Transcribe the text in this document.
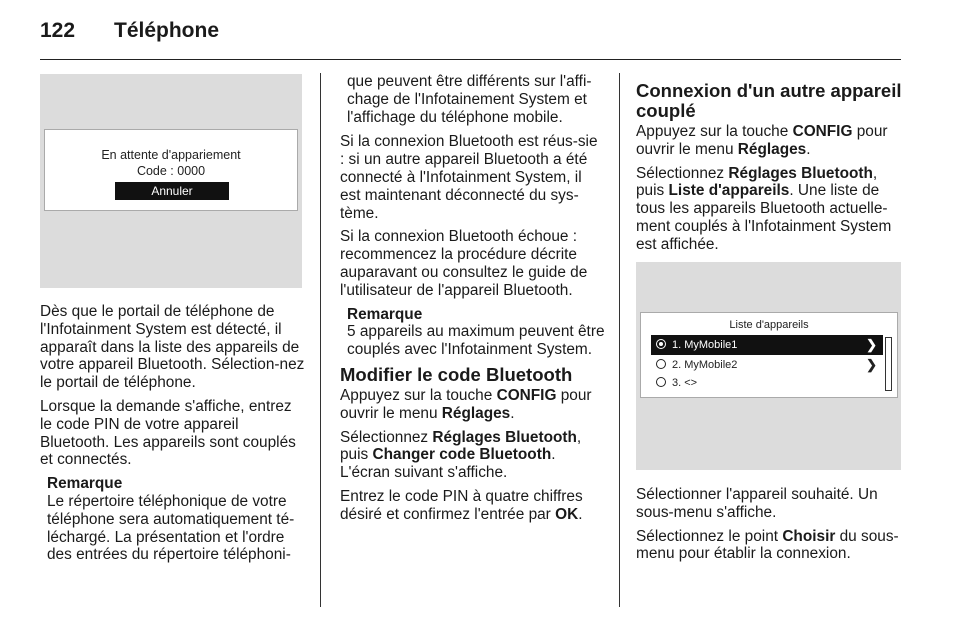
122 Téléphone
En attente d'appariement
Code : 0000
Annuler

Dès que le portail de téléphone de l'Infotainment System est détecté, il apparaît dans la liste des appareils de votre appareil Bluetooth. Sélection-nez le portail de téléphone.

Lorsque la demande s'affiche, entrez le code PIN de votre appareil Bluetooth. Les appareils sont couplés et connectés.

Remarque
Le répertoire téléphonique de votre téléphone sera automatiquement té-léchargé. La présentation et l'ordre des entrées du répertoire téléphoni-
que peuvent être différents sur l'affi-chage de l'Infotainement System et l'affichage du téléphone mobile.

Si la connexion Bluetooth est réus-sie : si un autre appareil Bluetooth a été connecté à l'Infotainment System, il est maintenant déconnecté du sys-tème.

Si la connexion Bluetooth échoue : recommencez la procédure décrite auparavant ou consultez le guide de l'utilisateur de l'appareil Bluetooth.

Remarque
5 appareils au maximum peuvent être couplés avec l'Infotainment System.
Modifier le code Bluetooth

Appuyez sur la touche CONFIG pour ouvrir le menu Réglages.

Sélectionnez Réglages Bluetooth, puis Changer code Bluetooth. L'écran suivant s'affiche.

Entrez le code PIN à quatre chiffres désiré et confirmez l'entrée par OK.

Connexion d'un autre appareil couplé

Appuyez sur la touche CONFIG pour ouvrir le menu Réglages.

Sélectionnez Réglages Bluetooth, puis Liste d'appareils. Une liste de tous les appareils Bluetooth actuelle-ment couplés à l'Infotainment System est affichée.

Liste d'appareils
1. MyMobile1	❯
2. MyMobile2	❯
3. <>

Sélectionner l'appareil souhaité. Un sous-menu s'affiche.

Sélectionnez le point Choisir du sous-menu pour établir la connexion.
